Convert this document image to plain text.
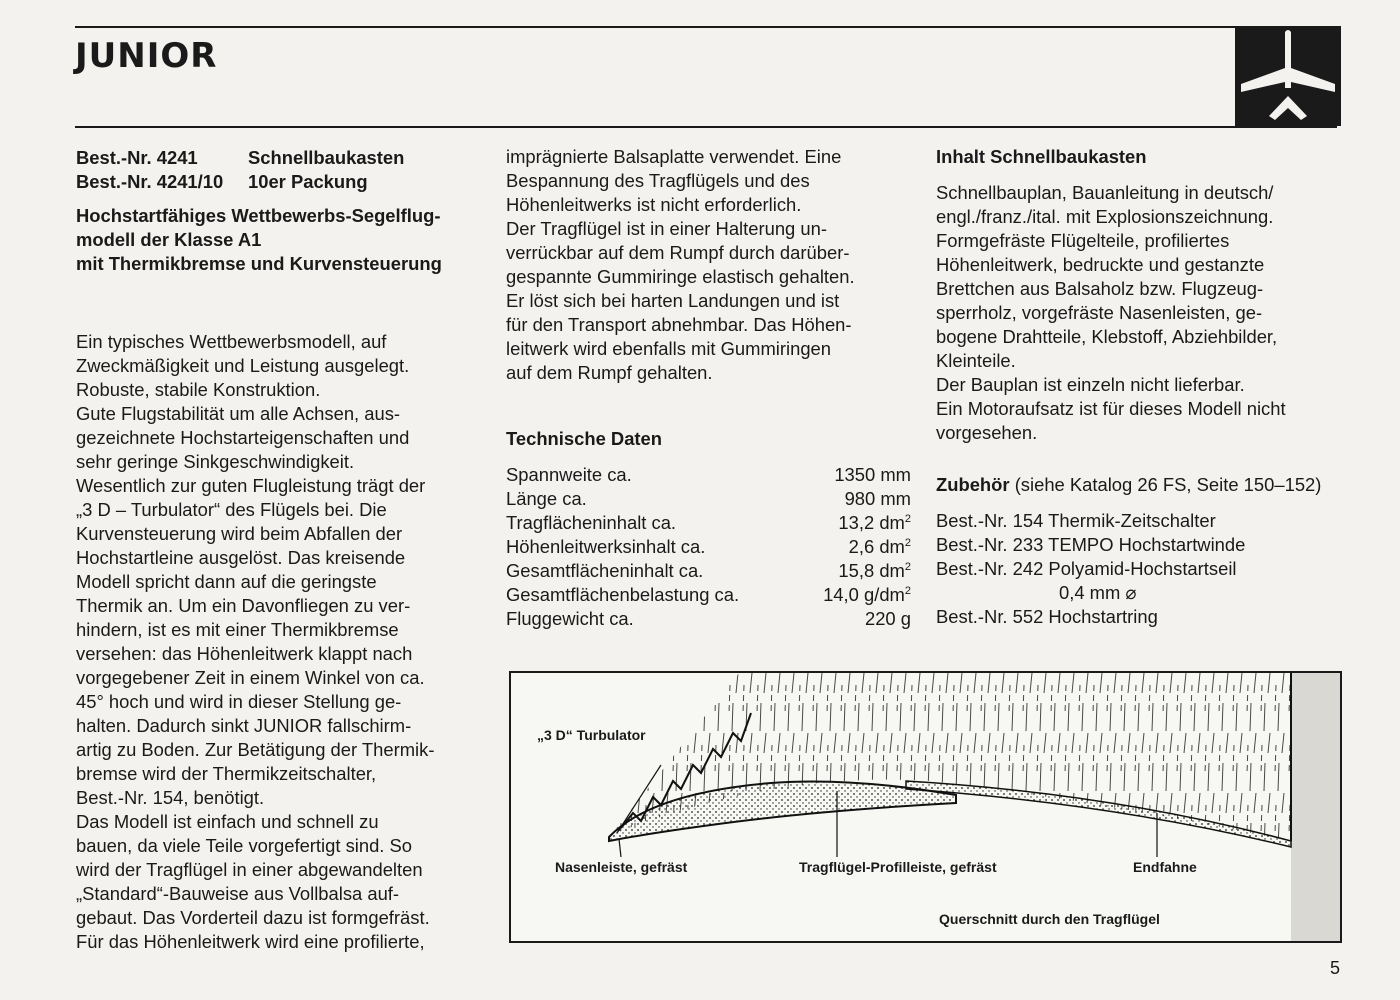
JUNIOR
Best.-Nr. 4241	Schnellbaukasten
Best.-Nr. 4241/10 10er Packung
Hochstartfähiges Wettbewerbs-Segelflug-
modell der Klasse A1
mit Thermikbremse und Kurvensteuerung
Ein typisches Wettbewerbsmodell, auf
Zweckmäßigkeit und Leistung ausgelegt.
Robuste, stabile Konstruktion.
Gute Flugstabilität um alle Achsen, aus-
gezeichnete Hochstarteigenschaften und
sehr geringe Sinkgeschwindigkeit.
Wesentlich zur guten Flugleistung trägt der
„3 D – Turbulator“ des Flügels bei. Die
Kurvensteuerung wird beim Abfallen der
Hochstartleine ausgelöst. Das kreisende
Modell spricht dann auf die geringste
Thermik an. Um ein Davonfliegen zu ver-
hindern, ist es mit einer Thermikbremse
versehen: das Höhenleitwerk klappt nach
vorgegebener Zeit in einem Winkel von ca.
45° hoch und wird in dieser Stellung ge-
halten. Dadurch sinkt JUNIOR fallschirm-
artig zu Boden. Zur Betätigung der Thermik-
bremse wird der Thermikzeitschalter,
Best.-Nr. 154, benötigt.
Das Modell ist einfach und schnell zu
bauen, da viele Teile vorgefertigt sind. So
wird der Tragflügel in einer abgewandelten
„Standard“-Bauweise aus Vollbalsa auf-
gebaut. Das Vorderteil dazu ist formgefräst.
Für das Höhenleitwerk wird eine profilierte,
imprägnierte Balsaplatte verwendet. Eine
Bespannung des Tragflügels und des
Höhenleitwerks ist nicht erforderlich.
Der Tragflügel ist in einer Halterung un-
verrückbar auf dem Rumpf durch darüber-
gespannte Gummiringe elastisch gehalten.
Er löst sich bei harten Landungen und ist
für den Transport abnehmbar. Das Höhen-
leitwerk wird ebenfalls mit Gummiringen
auf dem Rumpf gehalten.
Technische Daten
Spannweite ca.	1350 mm
Länge ca.	980 mm
Tragflächeninhalt ca.	13,2 $dm^2$
Höhenleitwerksinhalt ca.	2,6 $dm^2$
Gesamtflächeninhalt ca.	15,8 $dm^2$
Gesamtflächenbelastung ca.	14,0 $g/dm^2$
Fluggewicht ca.	220 g
Inhalt Schnellbaukasten
Schnellbauplan, Bauanleitung in deutsch/
engl./franz./ital. mit Explosionszeichnung.
Formgefräste Flügelteile, profiliertes
Höhenleitwerk, bedruckte und gestanzte
Brettchen aus Balsaholz bzw. Flugzeug-
sperrholz, vorgefräste Nasenleisten, ge-
bogene Drahtteile, Klebstoff, Abziehbilder,
Kleinteile.
Der Bauplan ist einzeln nicht lieferbar.
Ein Motoraufsatz ist für dieses Modell nicht
vorgesehen.
Zubehör (siehe Katalog 26 FS, Seite 150–152)
Best.-Nr. 154 Thermik-Zeitschalter
Best.-Nr. 233 TEMPO Hochstartwinde
Best.-Nr. 242 Polyamid-Hochstartseil
0,4 mm ⌀
Best.-Nr. 552 Hochstartring
„3 D“ Turbulator
Nasenleiste, gefräst	Tragflügel-Profilleiste, gefräst	Endfahne
Querschnitt durch den Tragflügel
5
